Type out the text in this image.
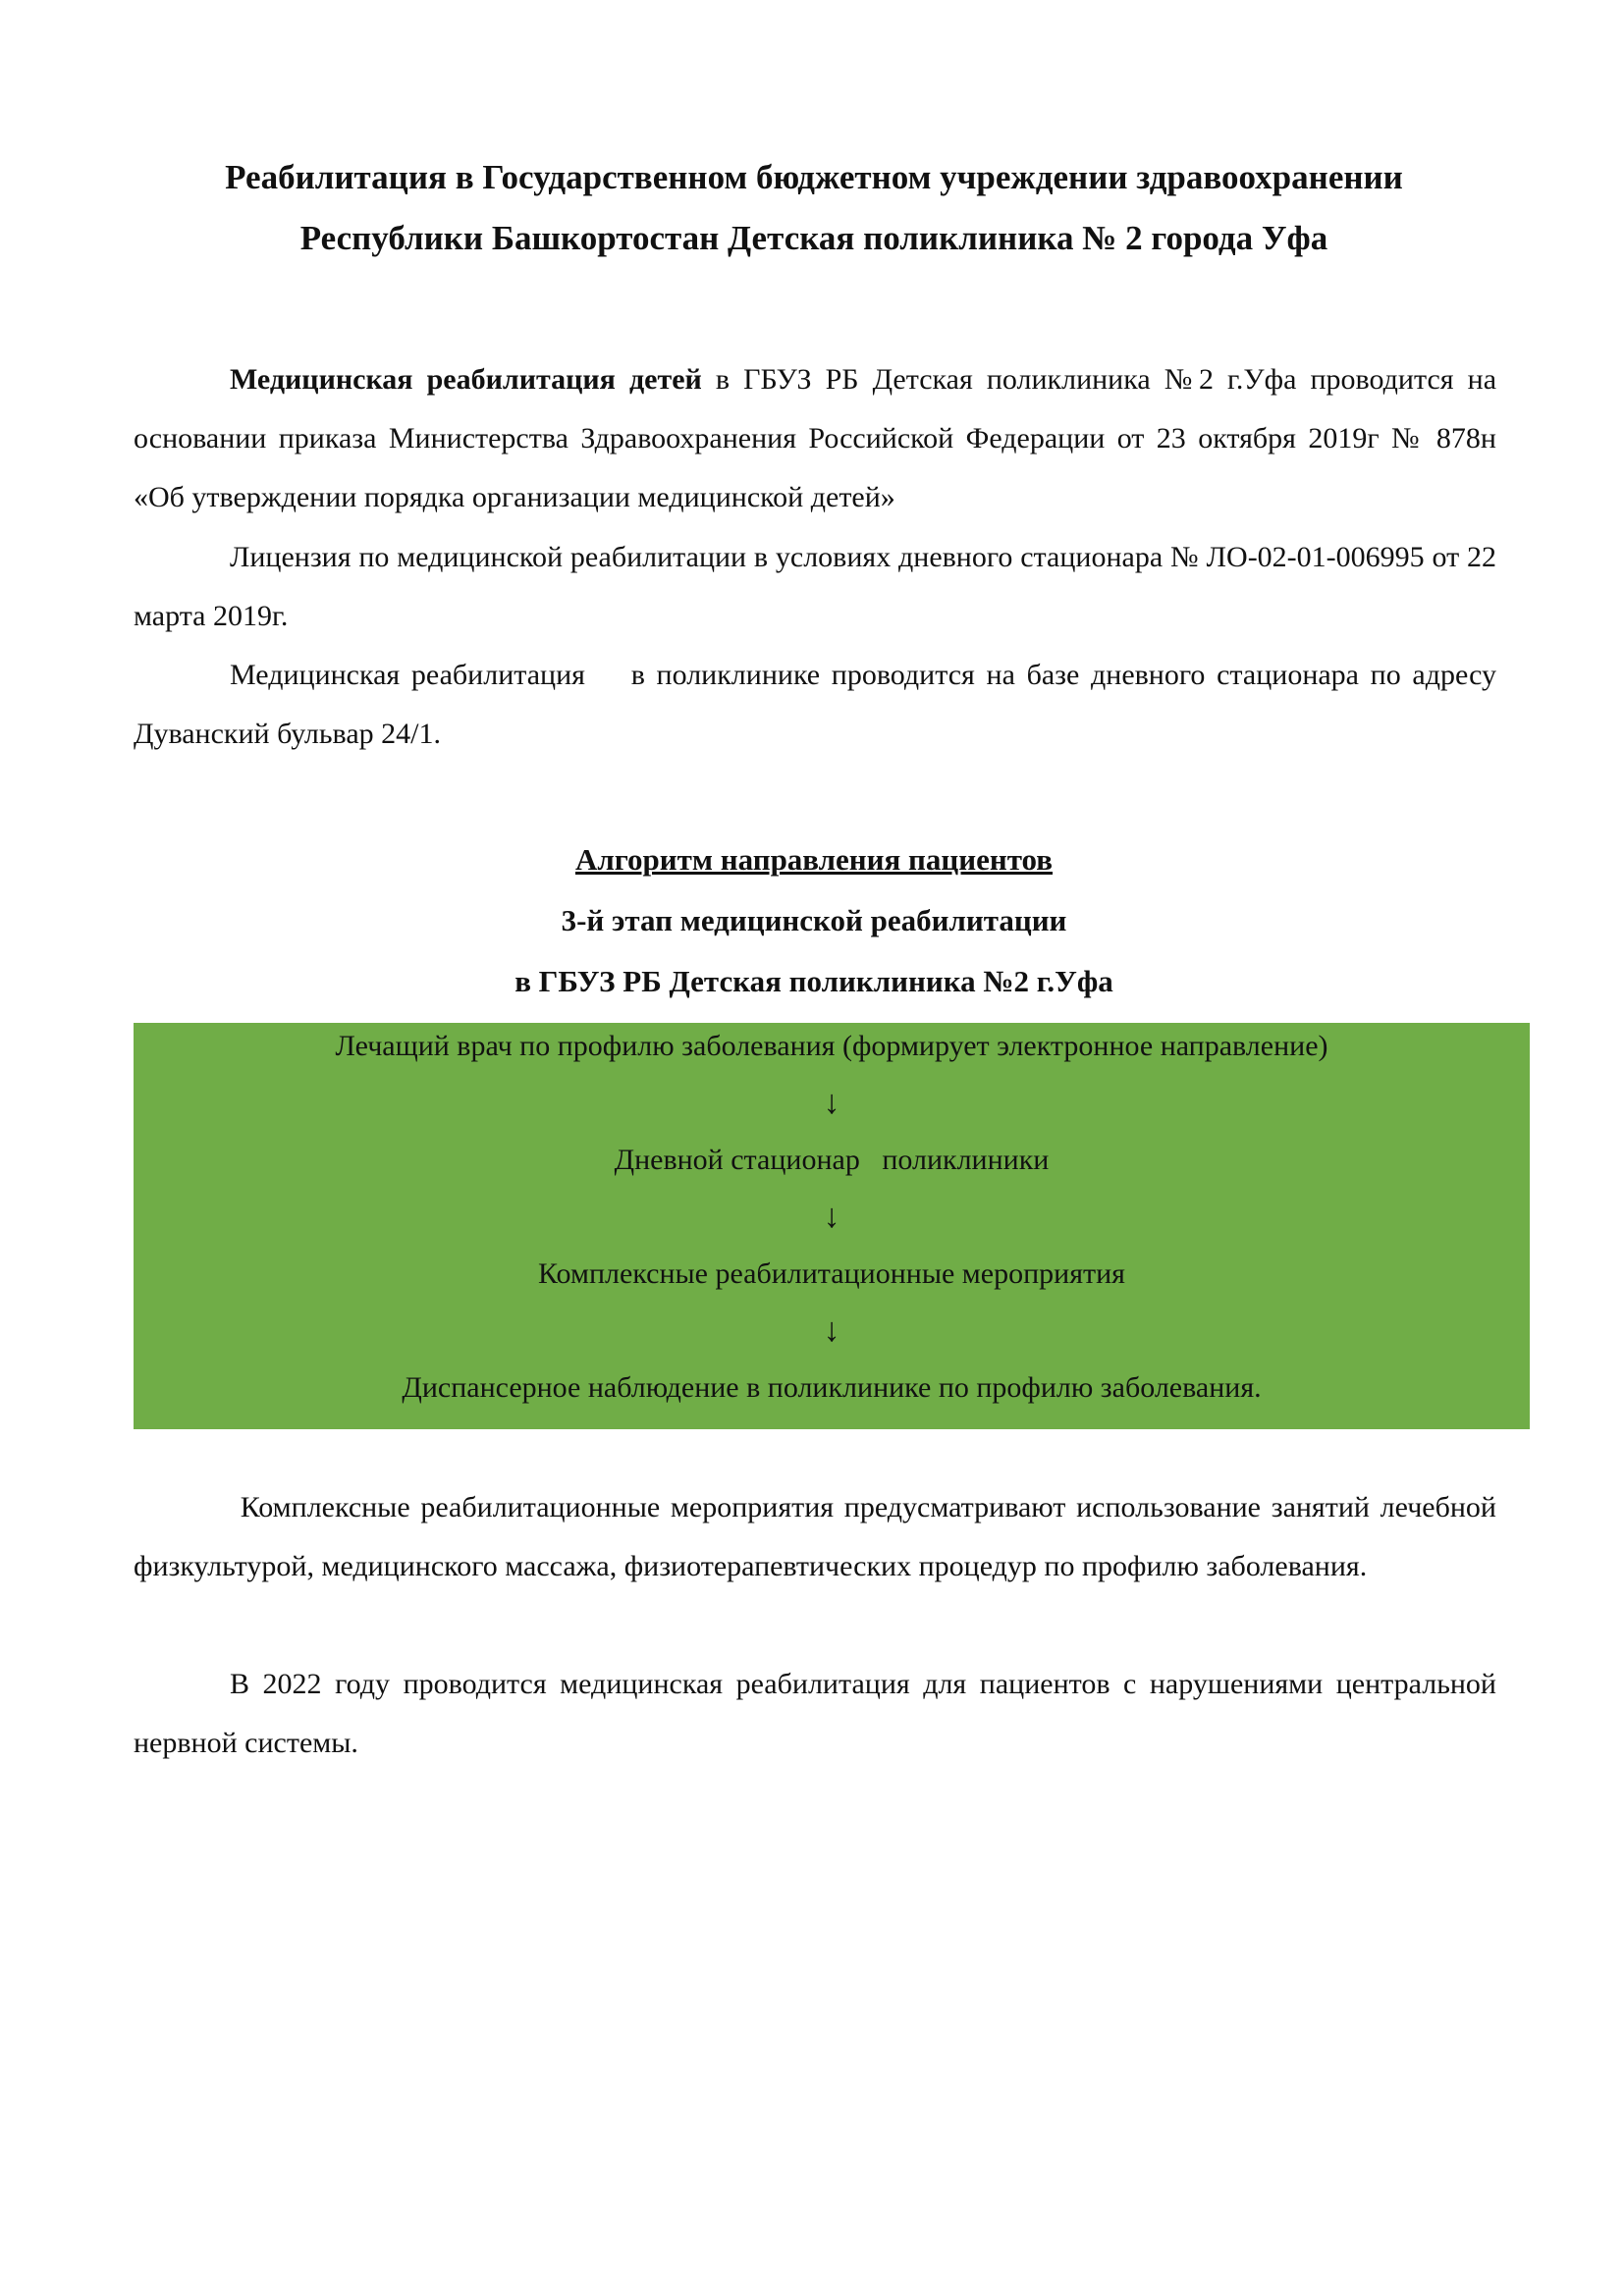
Реабилитация в Государственном бюджетном учреждении здравоохранении
Республики Башкортостан Детская поликлиника № 2 города Уфа

Медицинская реабилитация детей в ГБУЗ РБ Детская поликлиника №2 г.Уфа проводится на основании приказа Министерства Здравоохранения Российской Федерации от 23 октября 2019г № 878н «Об утверждении порядка организации медицинской детей»

Лицензия по медицинской реабилитации в условиях дневного стационара № ЛО-02-01-006995 от 22 марта 2019г.

Медицинская реабилитация    в поликлинике проводится на базе дневного стационара по адресу Дуванский бульвар 24/1.

Алгоритм направления пациентов
3-й этап медицинской реабилитации
в ГБУЗ РБ Детская поликлиника №2 г.Уфа
Лечащий врач по профилю заболевания (формирует электронное направление)
↓
Дневной стационар   поликлиники
↓
Комплексные реабилитационные мероприятия
↓
Диспансерное наблюдение в поликлинике по профилю заболевания.

Комплексные реабилитационные мероприятия предусматривают использование занятий лечебной физкультурой, медицинского массажа, физиотерапевтических процедур по профилю заболевания.

В 2022 году проводится медицинская реабилитация для пациентов с нарушениями центральной нервной системы.
